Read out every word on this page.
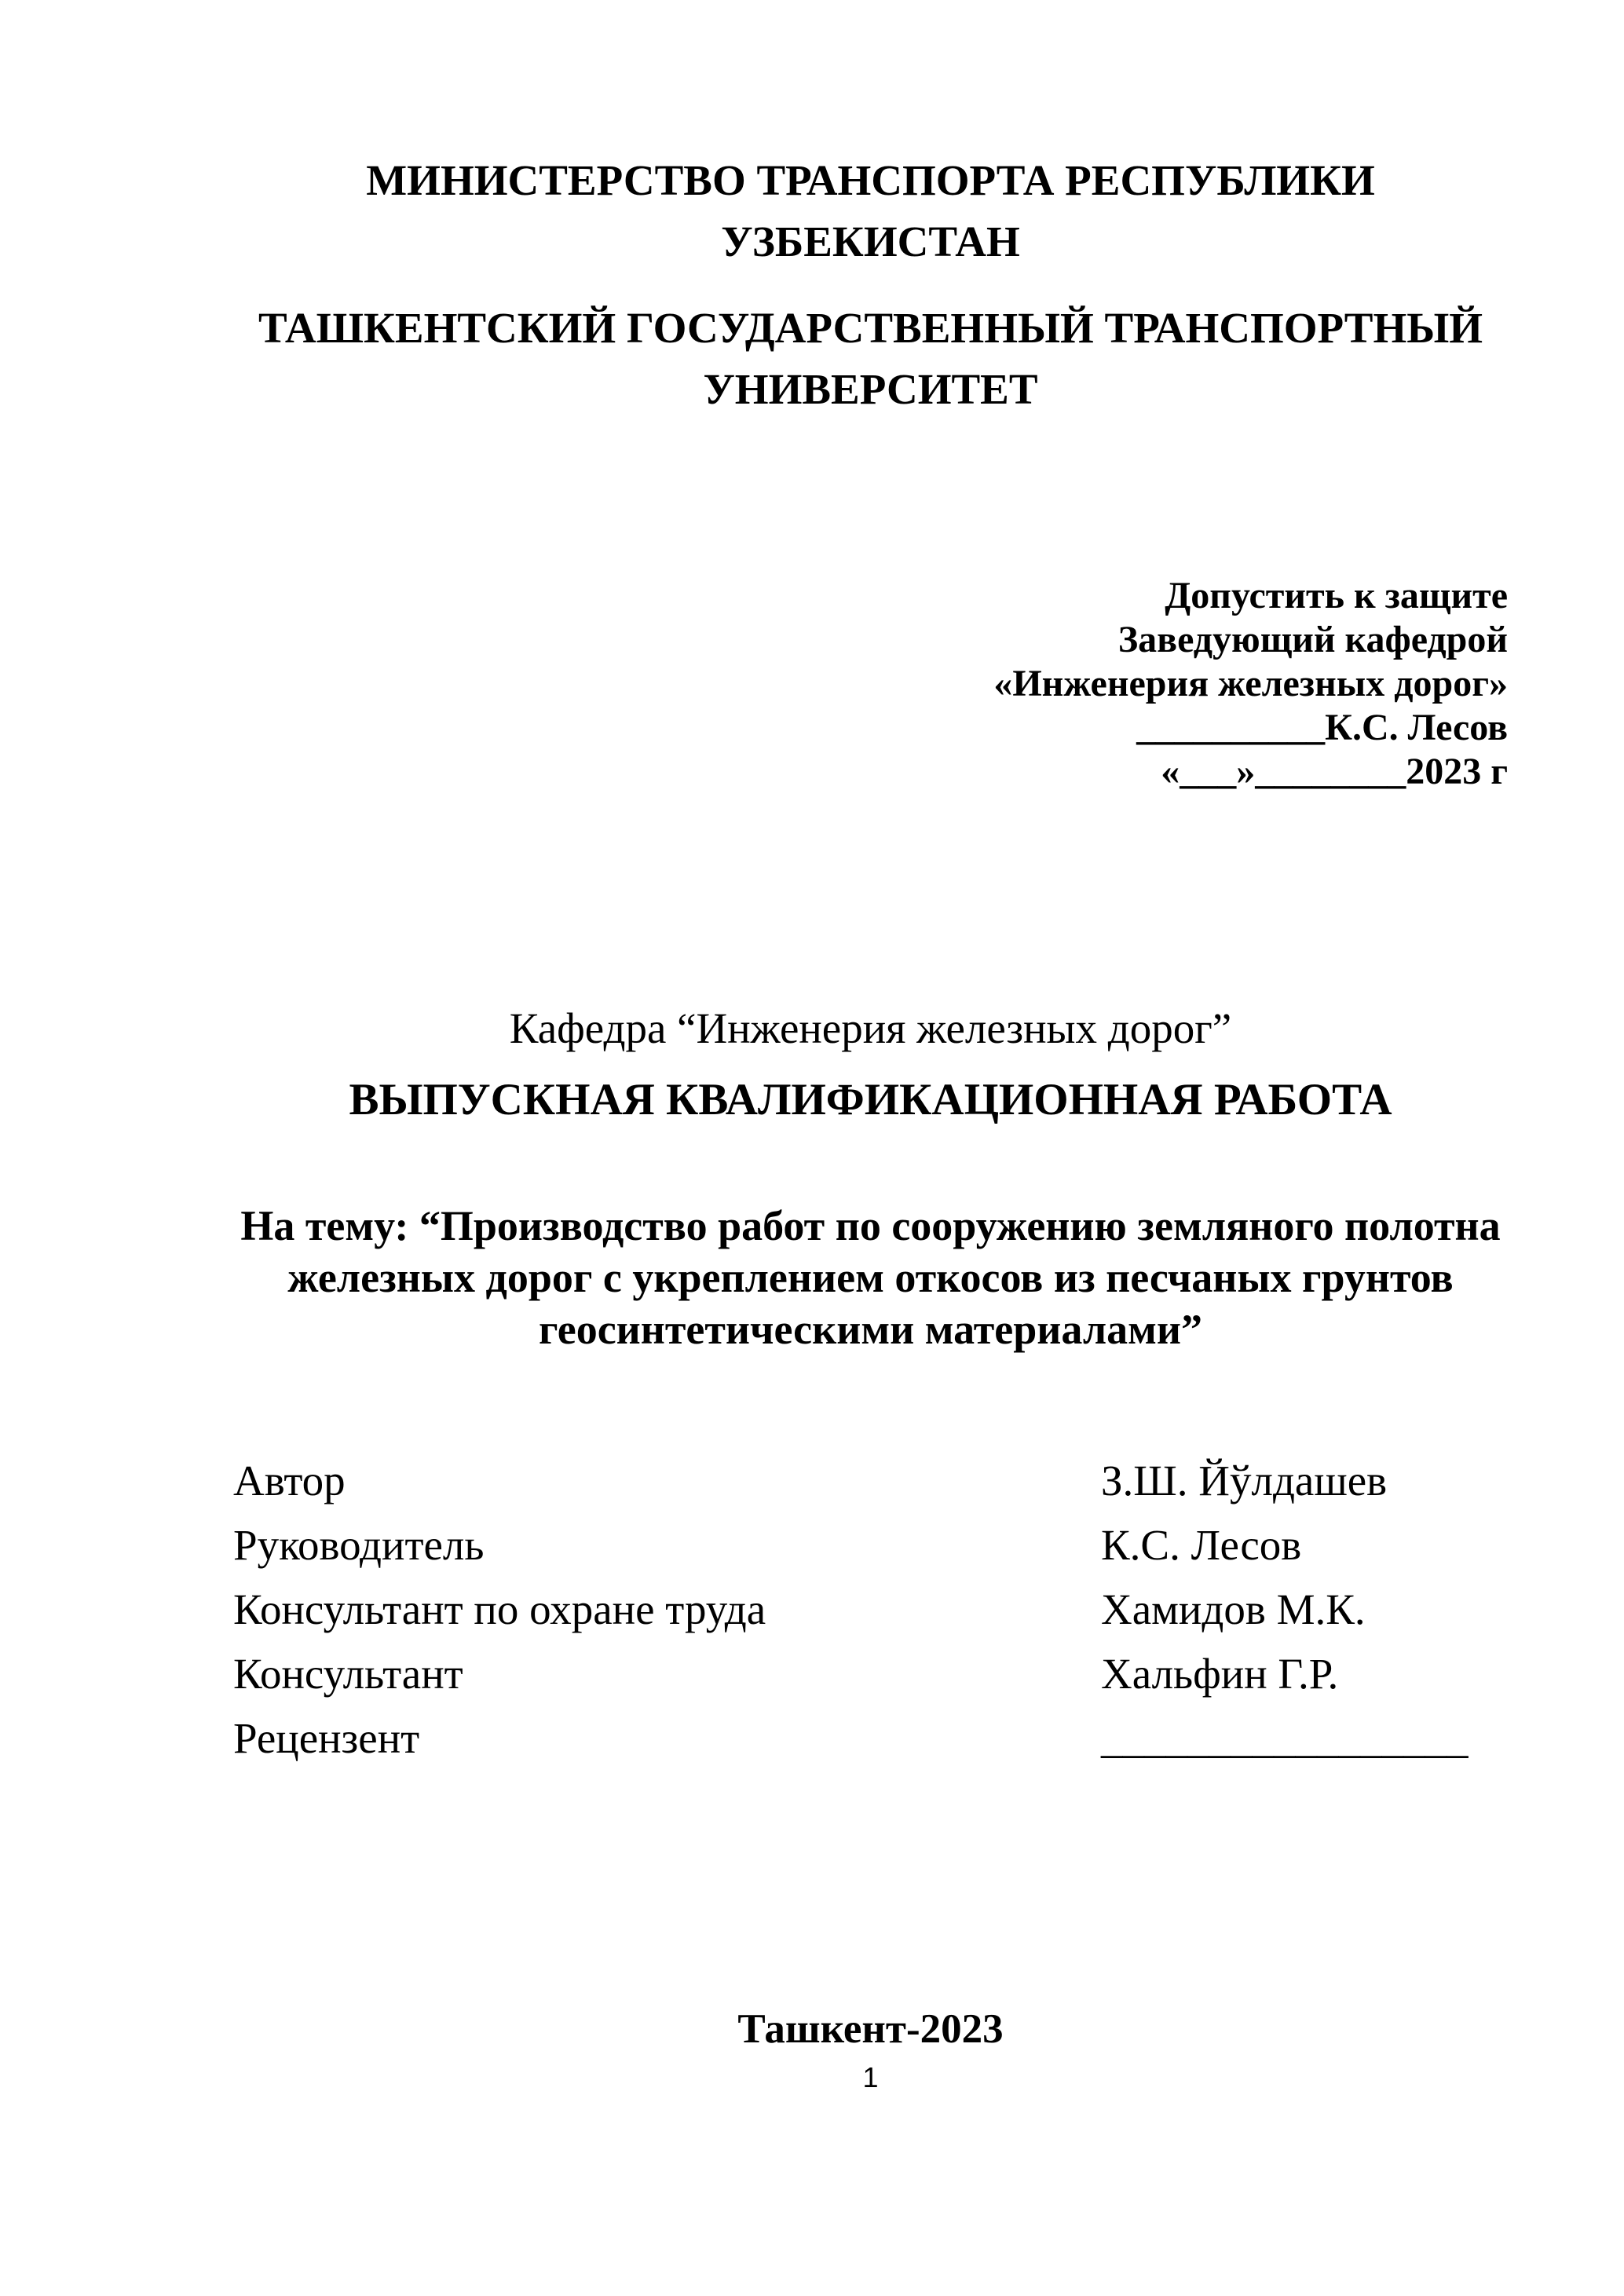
МИНИСТЕРСТВО ТРАНСПОРТА РЕСПУБЛИКИ
УЗБЕКИСТАН
ТАШКЕНТСКИЙ ГОСУДАРСТВЕННЫЙ ТРАНСПОРТНЫЙ
УНИВЕРСИТЕТ
Допустить к защите
Заведующий кафедрой
«Инженерия железных дорог»
__________К.С. Лесов
«___»________2023 г
Кафедра “Инженерия железных дорог”
ВЫПУСКНАЯ КВАЛИФИКАЦИОННАЯ РАБОТА
На тему: “Производство работ по сооружению земляного полотна
железных дорог с укреплением откосов из песчаных грунтов
геосинтетическими материалами”
Автор	З.Ш. Йўлдашев
Руководитель	К.С. Лесов
Консультант по охране труда	Хамидов М.К.
Консультант	Хальфин Г.Р.
Рецензент	_________________
Ташкент-2023
1
